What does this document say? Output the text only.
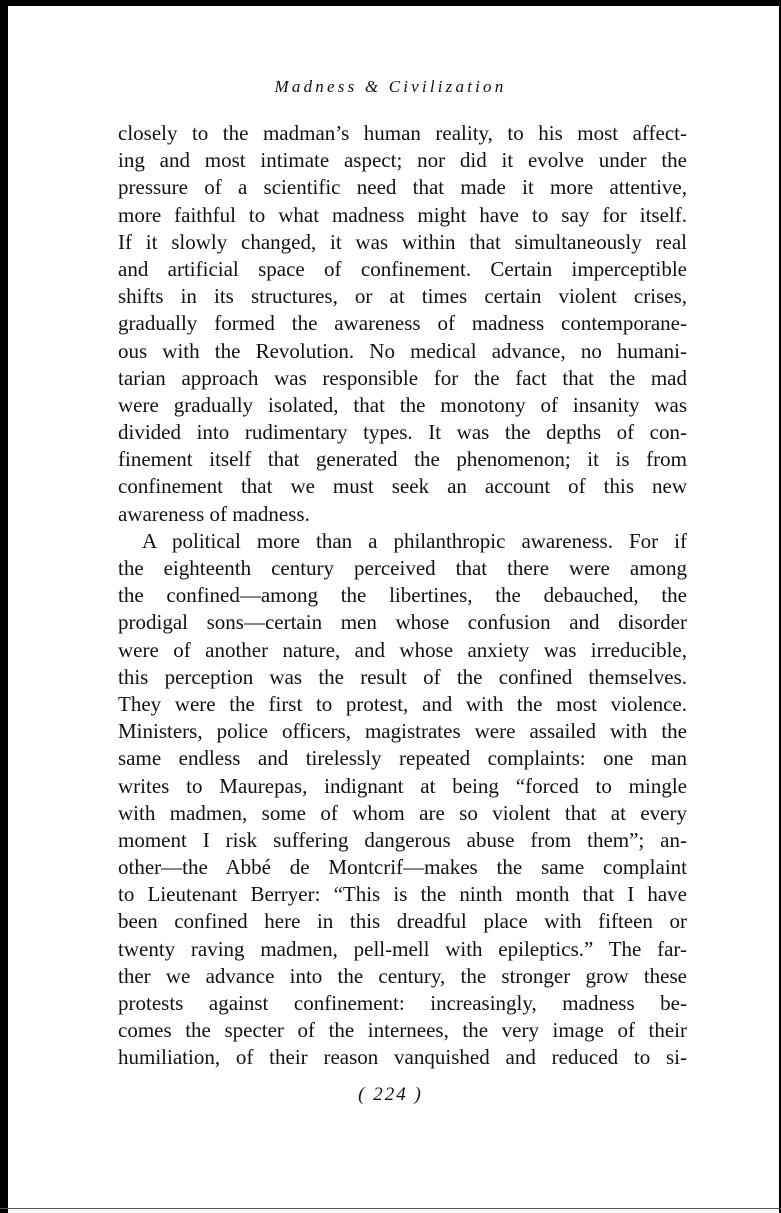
Madness & Civilization
closely to the madman’s human reality, to his most affect-
ing and most intimate aspect; nor did it evolve under the
pressure of a scientific need that made it more attentive,
more faithful to what madness might have to say for itself.
If it slowly changed, it was within that simultaneously real
and artificial space of confinement. Certain imperceptible
shifts in its structures, or at times certain violent crises,
gradually formed the awareness of madness contemporane-
ous with the Revolution. No medical advance, no humani-
tarian approach was responsible for the fact that the mad
were gradually isolated, that the monotony of insanity was
divided into rudimentary types. It was the depths of con-
finement itself that generated the phenomenon; it is from
confinement that we must seek an account of this new
awareness of madness.
A political more than a philanthropic awareness. For if
the eighteenth century perceived that there were among
the confined—among the libertines, the debauched, the
prodigal sons—certain men whose confusion and disorder
were of another nature, and whose anxiety was irreducible,
this perception was the result of the confined themselves.
They were the first to protest, and with the most violence.
Ministers, police officers, magistrates were assailed with the
same endless and tirelessly repeated complaints: one man
writes to Maurepas, indignant at being “forced to mingle
with madmen, some of whom are so violent that at every
moment I risk suffering dangerous abuse from them”; an-
other—the Abbé de Montcrif—makes the same complaint
to Lieutenant Berryer: “This is the ninth month that I have
been confined here in this dreadful place with fifteen or
twenty raving madmen, pell-mell with epileptics.” The far-
ther we advance into the century, the stronger grow these
protests against confinement: increasingly, madness be-
comes the specter of the internees, the very image of their
humiliation, of their reason vanquished and reduced to si-
( 224 )
